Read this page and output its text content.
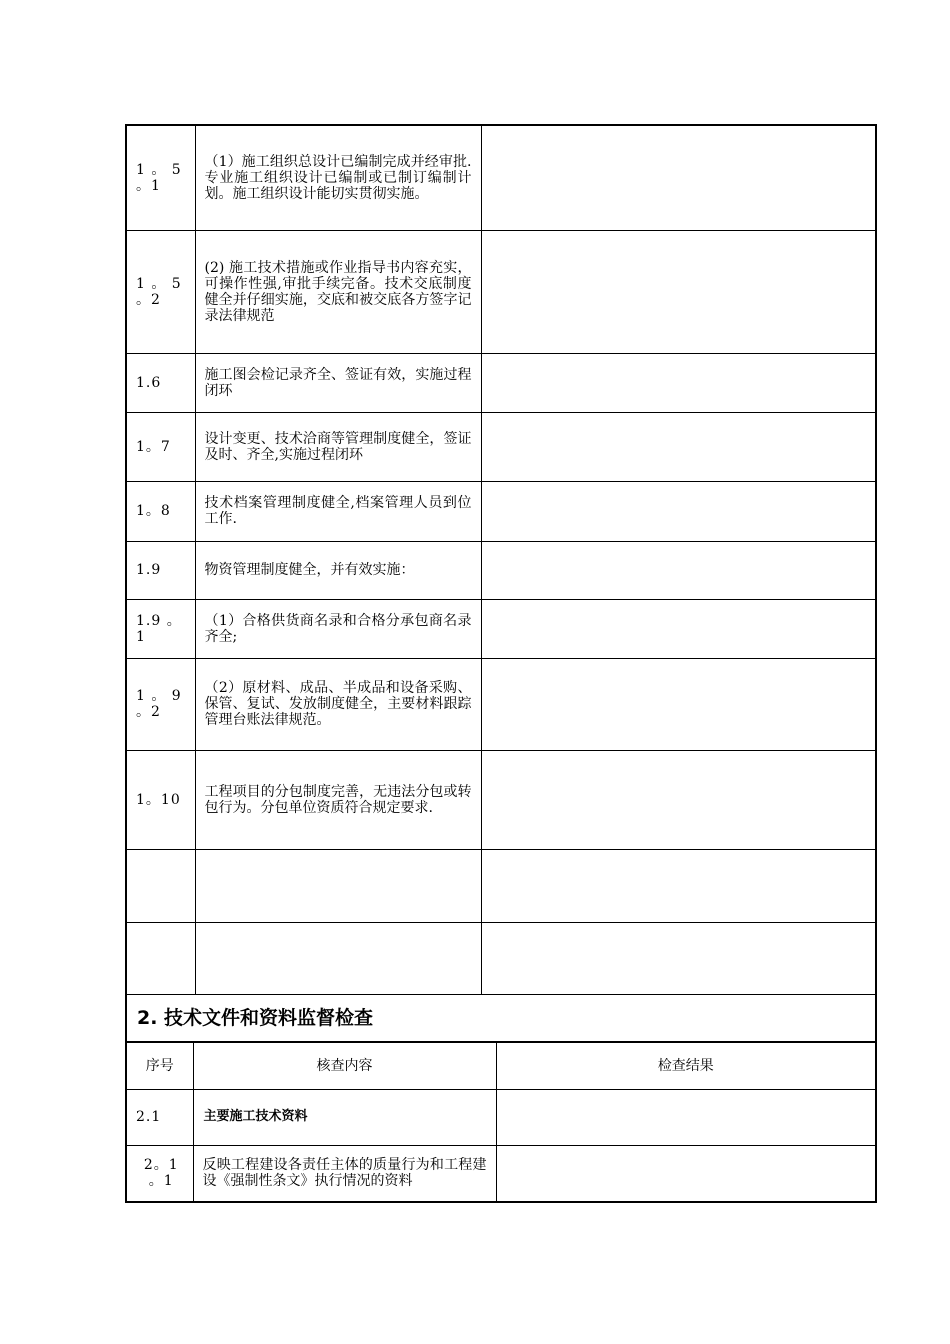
1 。 5 。1	（1）施工组织总设计已编制完成并经审批.专业施工组织设计已编制或已制订编制计划。施工组织设计能切实贯彻实施。	
1 。 5 。2	(2) 施工技术措施或作业指导书内容充实，可操作性强,审批手续完备。技术交底制度健全并仔细实施，交底和被交底各方签字记录法律规范	
1.6	施工图会检记录齐全、签证有效，实施过程闭环	
1。7	设计变更、技术洽商等管理制度健全，签证及时、齐全,实施过程闭环	
1。8	技术档案管理制度健全,档案管理人员到位工作.	
1.9	物资管理制度健全，并有效实施：	
1.9 。1	（1）合格供货商名录和合格分承包商名录齐全;	
1 。 9 。2	（2）原材料、成品、半成品和设备采购、保管、复试、发放制度健全，主要材料跟踪管理台账法律规范。	
1。10	工程项目的分包制度完善，无违法分包或转包行为。分包单位资质符合规定要求.	

2. 技术文件和资料监督检查		
序号	核查内容	检查结果
2.1	主要施工技术资料	
2。1 。1	反映工程建设各责任主体的质量行为和工程建设《强制性条文》执行情况的资料	
